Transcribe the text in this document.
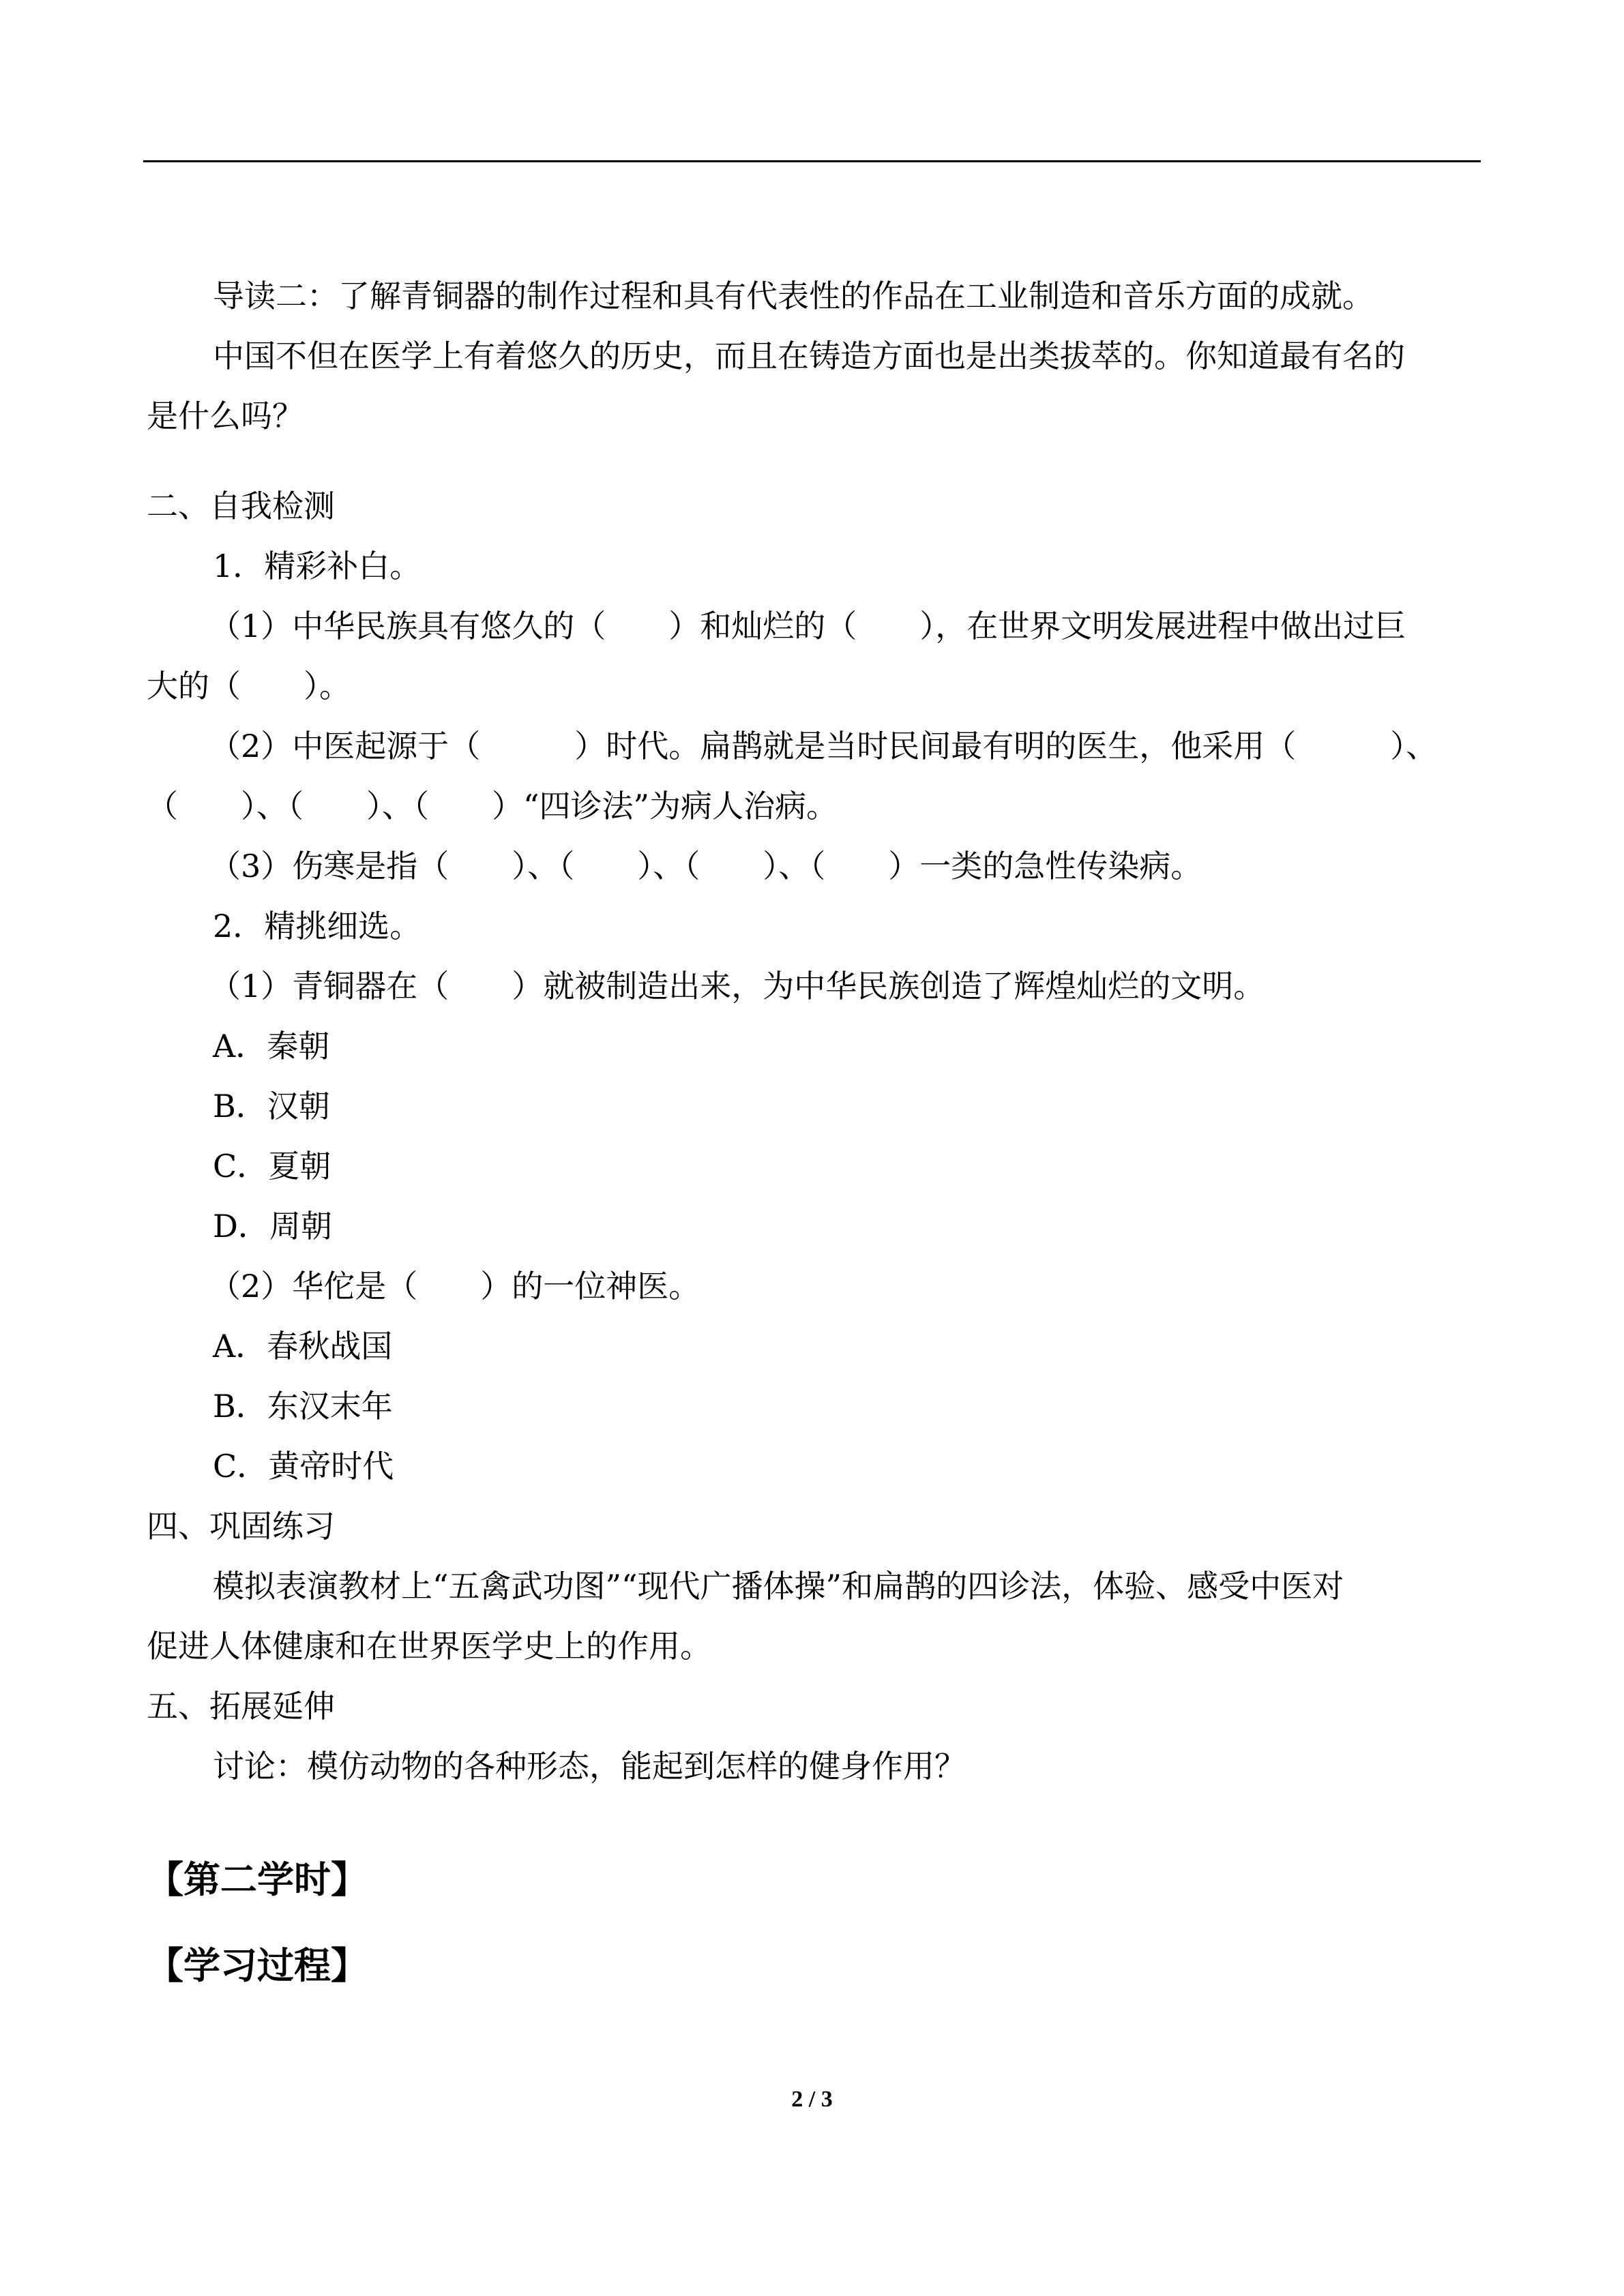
导读二：了解青铜器的制作过程和具有代表性的作品在工业制造和音乐方面的成就。

中国不但在医学上有着悠久的历史，而且在铸造方面也是出类拔萃的。你知道最有名的

是什么吗？

二、自我检测

1．精彩补白。

（1）中华民族具有悠久的（　　）和灿烂的（　　），在世界文明发展进程中做出过巨

大的（　　）。

（2）中医起源于（　　　）时代。扁鹊就是当时民间最有明的医生，他采用（　　　）、

（　　）、（　　）、（　　）“四诊法”为病人治病。

（3）伤寒是指（　　）、（　　）、（　　）、（　　）一类的急性传染病。

2．精挑细选。

（1）青铜器在（　　）就被制造出来，为中华民族创造了辉煌灿烂的文明。

A．秦朝

B．汉朝

C．夏朝

D．周朝

（2）华佗是（　　）的一位神医。

A．春秋战国

B．东汉末年

C．黄帝时代

四、巩固练习

模拟表演教材上“五禽武功图”“现代广播体操”和扁鹊的四诊法，体验、感受中医对

促进人体健康和在世界医学史上的作用。

五、拓展延伸

讨论：模仿动物的各种形态，能起到怎样的健身作用？

【第二学时】

【学习过程】

2 / 3
